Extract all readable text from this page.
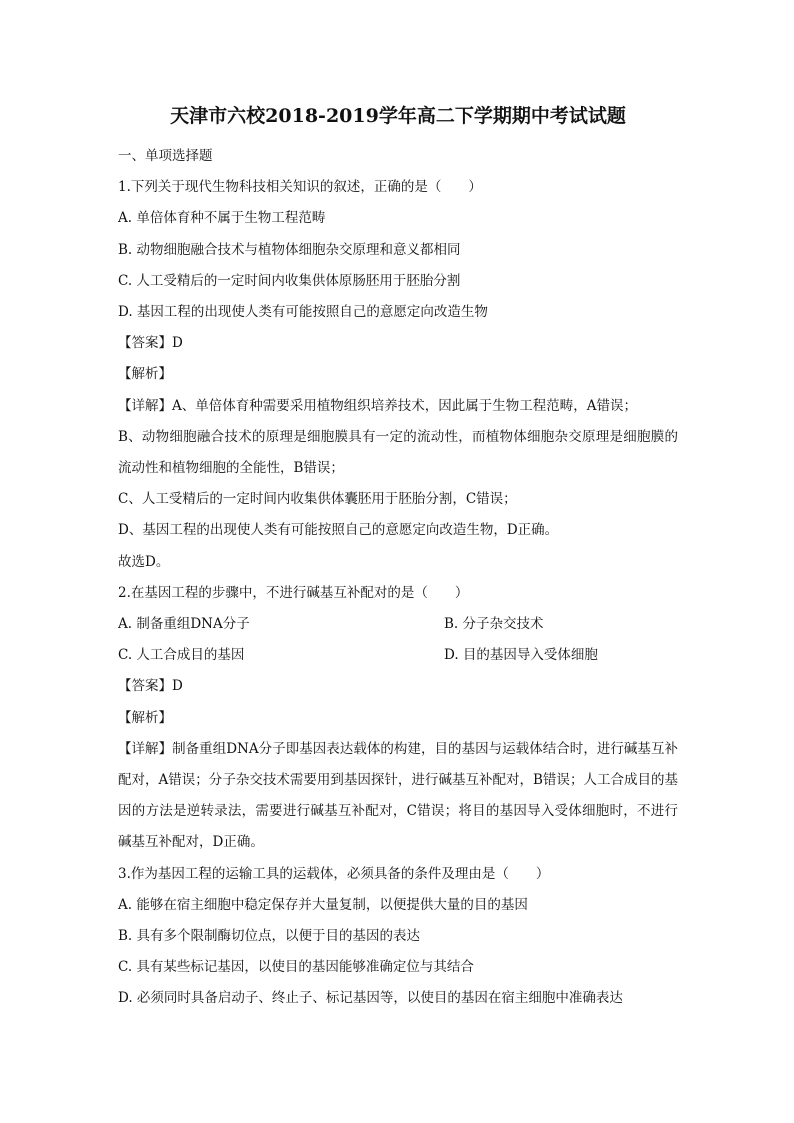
天津市六校2018-2019学年高二下学期期中考试试题
一、单项选择题
1.下列关于现代生物科技相关知识的叙述，正确的是（　　）
A. 单倍体育种不属于生物工程范畴
B. 动物细胞融合技术与植物体细胞杂交原理和意义都相同
C. 人工受精后的一定时间内收集供体原肠胚用于胚胎分割
D. 基因工程的出现使人类有可能按照自己的意愿定向改造生物
【答案】D
【解析】
【详解】A、单倍体育种需要采用植物组织培养技术，因此属于生物工程范畴，A错误；
B、动物细胞融合技术的原理是细胞膜具有一定的流动性，而植物体细胞杂交原理是细胞膜的流动性和植物细胞的全能性，B错误；
C、人工受精后的一定时间内收集供体囊胚用于胚胎分割，C错误；
D、基因工程的出现使人类有可能按照自己的意愿定向改造生物，D正确。
故选D。
2.在基因工程的步骤中，不进行碱基互补配对的是（　　）
A. 制备重组DNA分子	B. 分子杂交技术
C. 人工合成目的基因	D. 目的基因导入受体细胞
【答案】D
【解析】
【详解】制备重组DNA分子即基因表达载体的构建，目的基因与运载体结合时，进行碱基互补配对，A错误；分子杂交技术需要用到基因探针，进行碱基互补配对，B错误；人工合成目的基因的方法是逆转录法，需要进行碱基互补配对，C错误；将目的基因导入受体细胞时，不进行碱基互补配对，D正确。
3.作为基因工程的运输工具的运载体，必须具备的条件及理由是（　　）
A. 能够在宿主细胞中稳定保存并大量复制，以便提供大量的目的基因
B. 具有多个限制酶切位点，以便于目的基因的表达
C. 具有某些标记基因，以使目的基因能够准确定位与其结合
D. 必须同时具备启动子、终止子、标记基因等，以使目的基因在宿主细胞中准确表达
